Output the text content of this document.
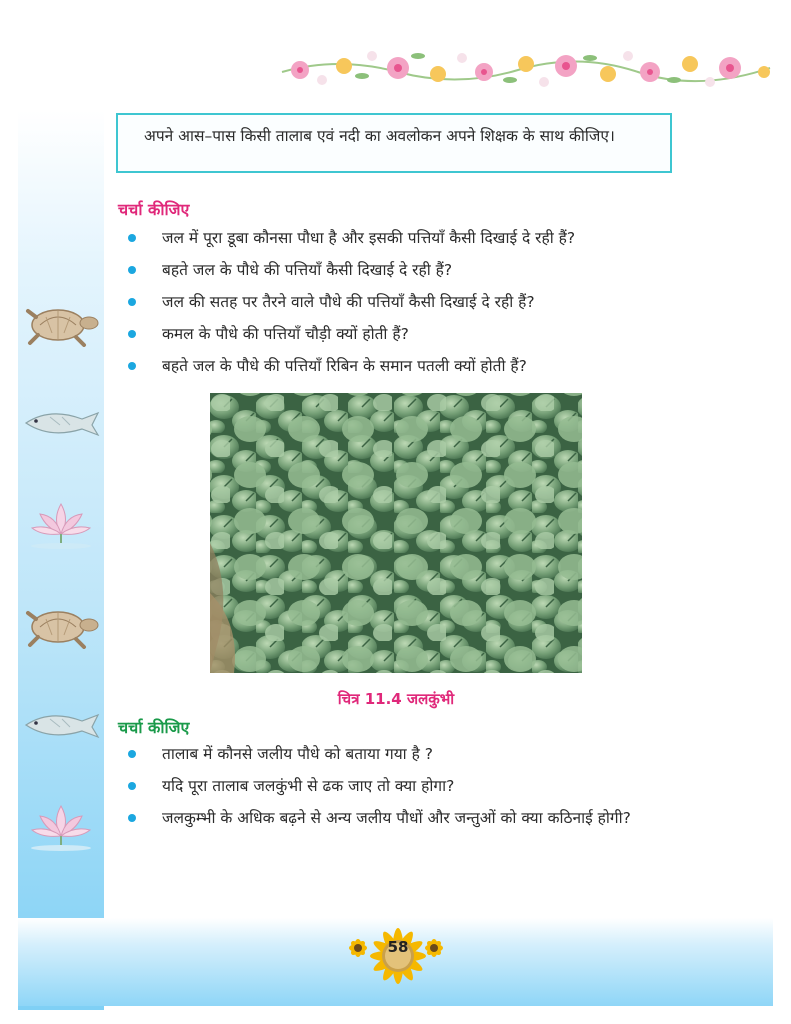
अपने आस–पास किसी तालाब एवं नदी का अवलोकन अपने शिक्षक के साथ कीजिए।

चर्चा कीजिए

जल में पूरा डूबा कौनसा पौधा है और इसकी पत्तियाँ कैसी दिखाई दे रही हैं?
बहते जल के पौधे की पत्तियाँ कैसी दिखाई दे रही हैं?
जल की सतह पर तैरने वाले पौधे की पत्तियाँ कैसी दिखाई दे रही हैं?
कमल के पौधे की पत्तियाँ चौड़ी क्यों होती हैं?
बहते जल के पौधे की पत्तियाँ रिबिन के समान पतली क्यों होती हैं?

चित्र 11.4 जलकुंभी

चर्चा कीजिए

तालाब में कौनसे जलीय पौधे को बताया गया है ?
यदि पूरा तालाब जलकुंभी से ढक जाए तो क्या होगा?
जलकुम्भी के अधिक बढ़ने से अन्य जलीय पौधों और जन्तुओं को क्या कठिनाई होगी?
58
